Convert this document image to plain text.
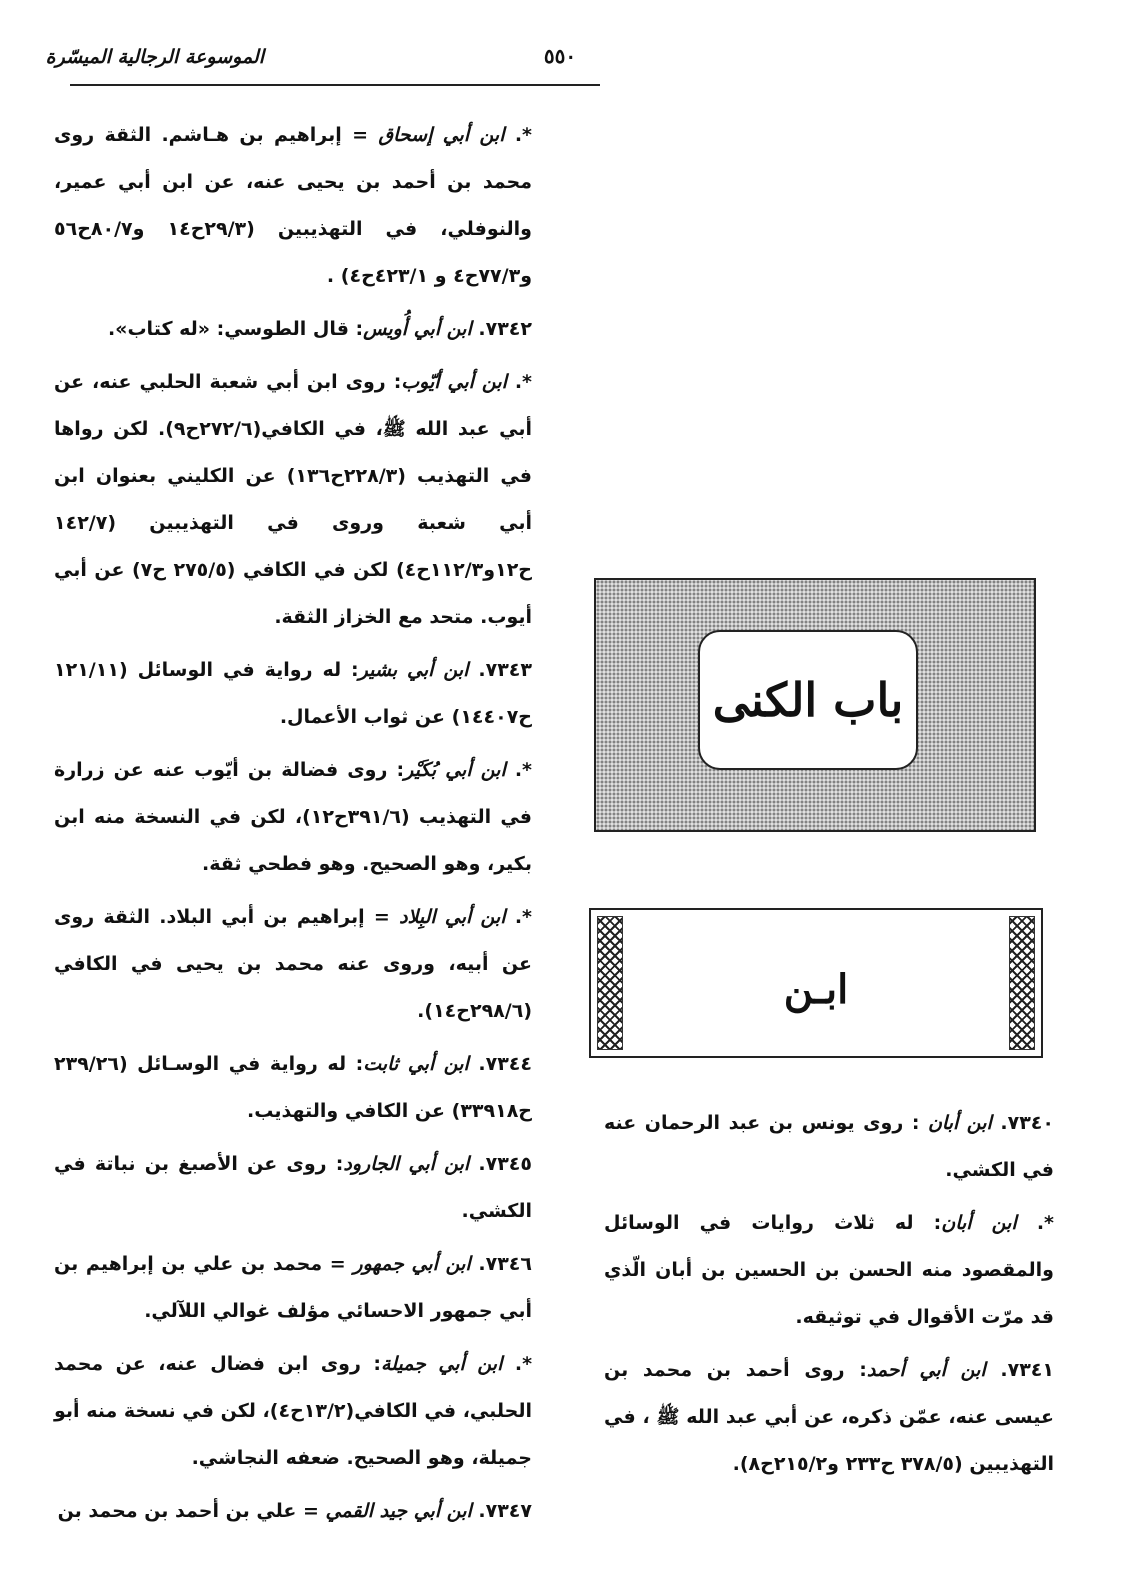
الموسوعة الرجالية الميسّرة	٥٥٠

*. ابن أبي إسحاق = إبراهيم بن هـاشم. الثقة روى محمد بن أحمد بن يحيى عنه، عن ابن أبي عمير، والنوفلي، في التهذيبين (٢٩/٣ح١٤ و٨٠/٧ح٥٦ و٧٧/٣ح٤ و ٤٢٣/١ح٤) .

٧٣٤٢. ابن أبي أُويس: قال الطوسي: «له كتاب».

*. ابن أبي أيّوب: روى ابن أبي شعبة الحلبي عنه، عن أبي عبد الله ﷺ، في الكافي(٢٧٢/٦ح٩). لكن رواها في التهذيب (٢٢٨/٣ح١٣٦) عن الكليني بعنوان ابن أبي شعبة وروى في التهذيبين (١٤٢/٧ ح١٢و١١٢/٣ح٤) لكن في الكافي (٢٧٥/٥ ح٧) عن أبي أيوب. متحد مع الخزاز الثقة.

٧٣٤٣. ابن أبي بشير: له رواية في الوسائل (١٢١/١١ ح١٤٤٠٧) عن ثواب الأعمال.

*. ابن أبي بُكَيْر: روى فضالة بن أيّوب عنه عن زرارة في التهذيب (٣٩١/٦ح١٢)، لكن في النسخة منه ابن بكير، وهو الصحيح. وهو فطحي ثقة.

*. ابن أبي البِلاد = إبراهيم بن أبي البلاد. الثقة روى عن أبيه، وروى عنه محمد بن يحيى في الكافي (٢٩٨/٦ح١٤).

٧٣٤٤. ابن أبي ثابت: له رواية في الوسـائل (٢٣٩/٢٦ ح٣٣٩١٨) عن الكافي والتهذيب.

٧٣٤٥. ابن أبي الجارود: روى عن الأصبغ بن نباتة في الكشي.

٧٣٤٦. ابن أبي جمهور = محمد بن علي بن إبراهيم بن أبي جمهور الاحسائي مؤلف غوالي اللآلي.

*. ابن أبي جميلة: روى ابن فضال عنه، عن محمد الحلبي، في الكافي(١٣/٢ح٤)، لكن في نسخة منه أبو جميلة، وهو الصحيح. ضعفه النجاشي.

٧٣٤٧. ابن أبي جيد القمي = علي بن أحمد بن محمد بن

باب الكنى
ابـن

٧٣٤٠. ابن أبان : روى يونس بن عبد الرحمان عنه في الكشي.

*. ابن أبان: له ثلاث روايات في الوسائل والمقصود منه الحسن بن الحسين بن أبان الّذي قد مرّت الأقوال في توثيقه.

٧٣٤١. ابن أبي أحمد: روى أحمد بن محمد بن عيسى عنه، عمّن ذكره، عن أبي عبد الله ﷺ ، في التهذيبين (٣٧٨/٥ ح٢٣٣ و٢١٥/٢ح٨).
